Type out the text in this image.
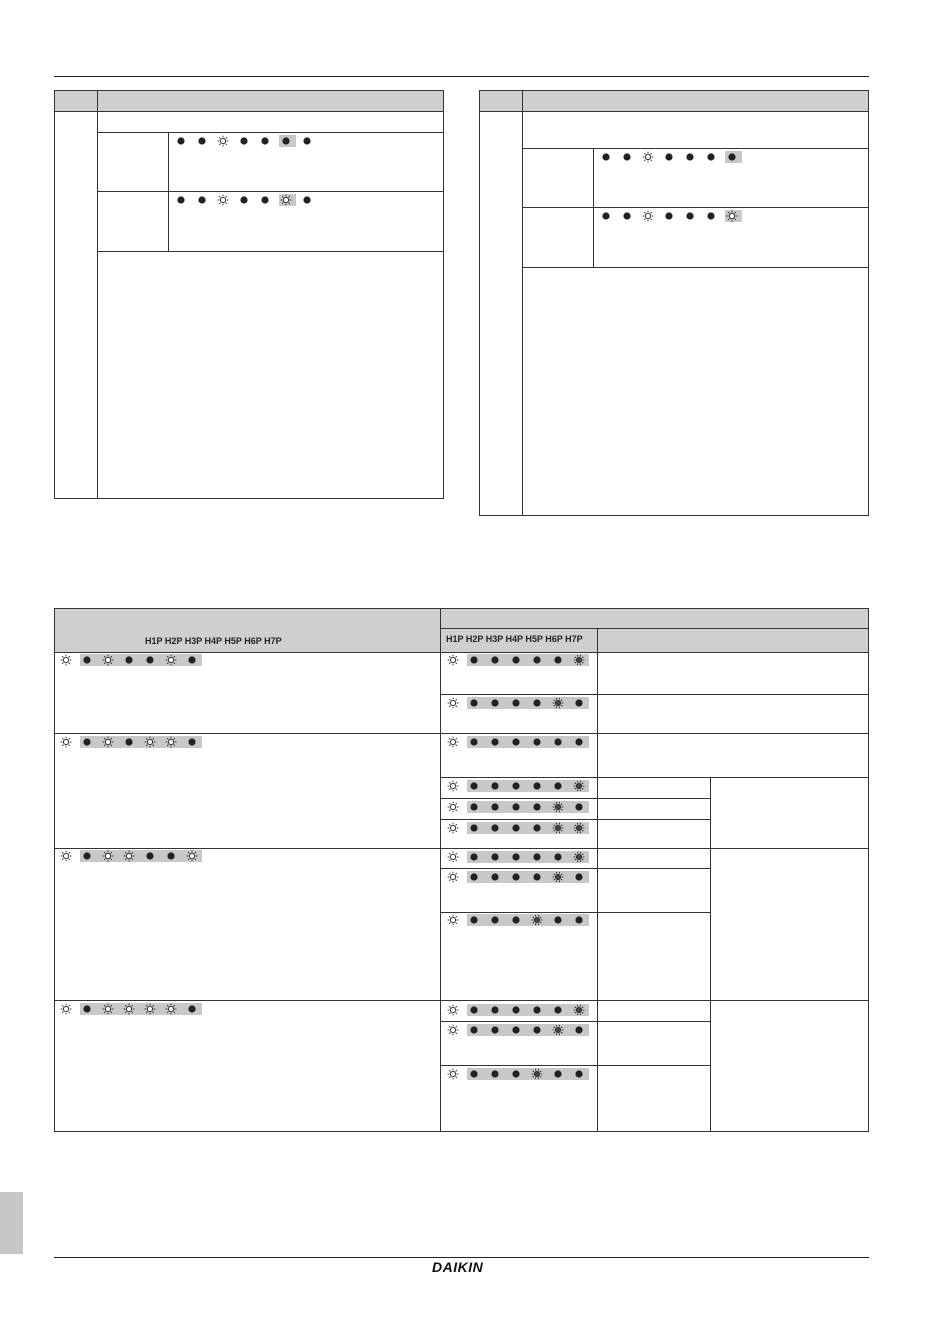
H1P H2P H3P H4P H5P H6P H7P	H1P H2P H3P H4P H5P H6P H7P
DAIKIN
